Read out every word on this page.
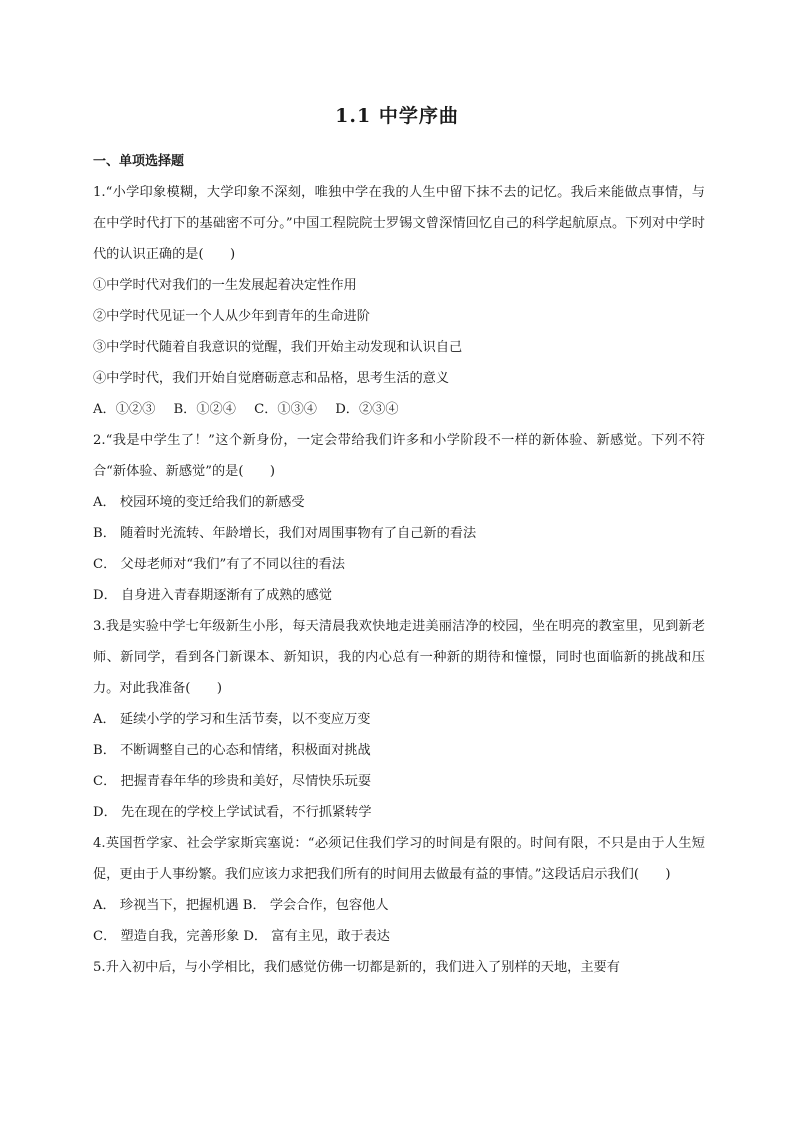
1.1 中学序曲
一、单项选择题
1.“小学印象模糊，大学印象不深刻，唯独中学在我的人生中留下抹不去的记忆。我后来能做点事情，与在中学时代打下的基础密不可分。”中国工程院院士罗锡文曾深情回忆自己的科学起航原点。下列对中学时代的认识正确的是(　　)
①中学时代对我们的一生发展起着决定性作用
②中学时代见证一个人从少年到青年的生命进阶
③中学时代随着自我意识的觉醒，我们开始主动发现和认识自己
④中学时代，我们开始自觉磨砺意志和品格，思考生活的意义
A．①②③ B．①②④ C．①③④ D．②③④
2.“我是中学生了！”这个新身份，一定会带给我们许多和小学阶段不一样的新体验、新感觉。下列不符合“新体验、新感觉”的是(　　)
A． 校园环境的变迁给我们的新感受
B． 随着时光流转、年龄增长，我们对周围事物有了自己新的看法
C． 父母老师对“我们”有了不同以往的看法
D． 自身进入青春期逐渐有了成熟的感觉
3.我是实验中学七年级新生小彤，每天清晨我欢快地走进美丽洁净的校园，坐在明亮的教室里，见到新老师、新同学，看到各门新课本、新知识，我的内心总有一种新的期待和憧憬，同时也面临新的挑战和压力。对此我准备(　　)
A． 延续小学的学习和生活节奏，以不变应万变
B． 不断调整自己的心态和情绪，积极面对挑战
C． 把握青春年华的珍贵和美好，尽情快乐玩耍
D． 先在现在的学校上学试试看，不行抓紧转学
4.英国哲学家、社会学家斯宾塞说：“必须记住我们学习的时间是有限的。时间有限，不只是由于人生短促，更由于人事纷繁。我们应该力求把我们所有的时间用去做最有益的事情。”这段话启示我们(　　)
A． 珍视当下，把握机遇 B． 学会合作，包容他人
C． 塑造自我，完善形象 D． 富有主见，敢于表达
5.升入初中后，与小学相比，我们感觉仿佛一切都是新的，我们进入了别样的天地，主要有
